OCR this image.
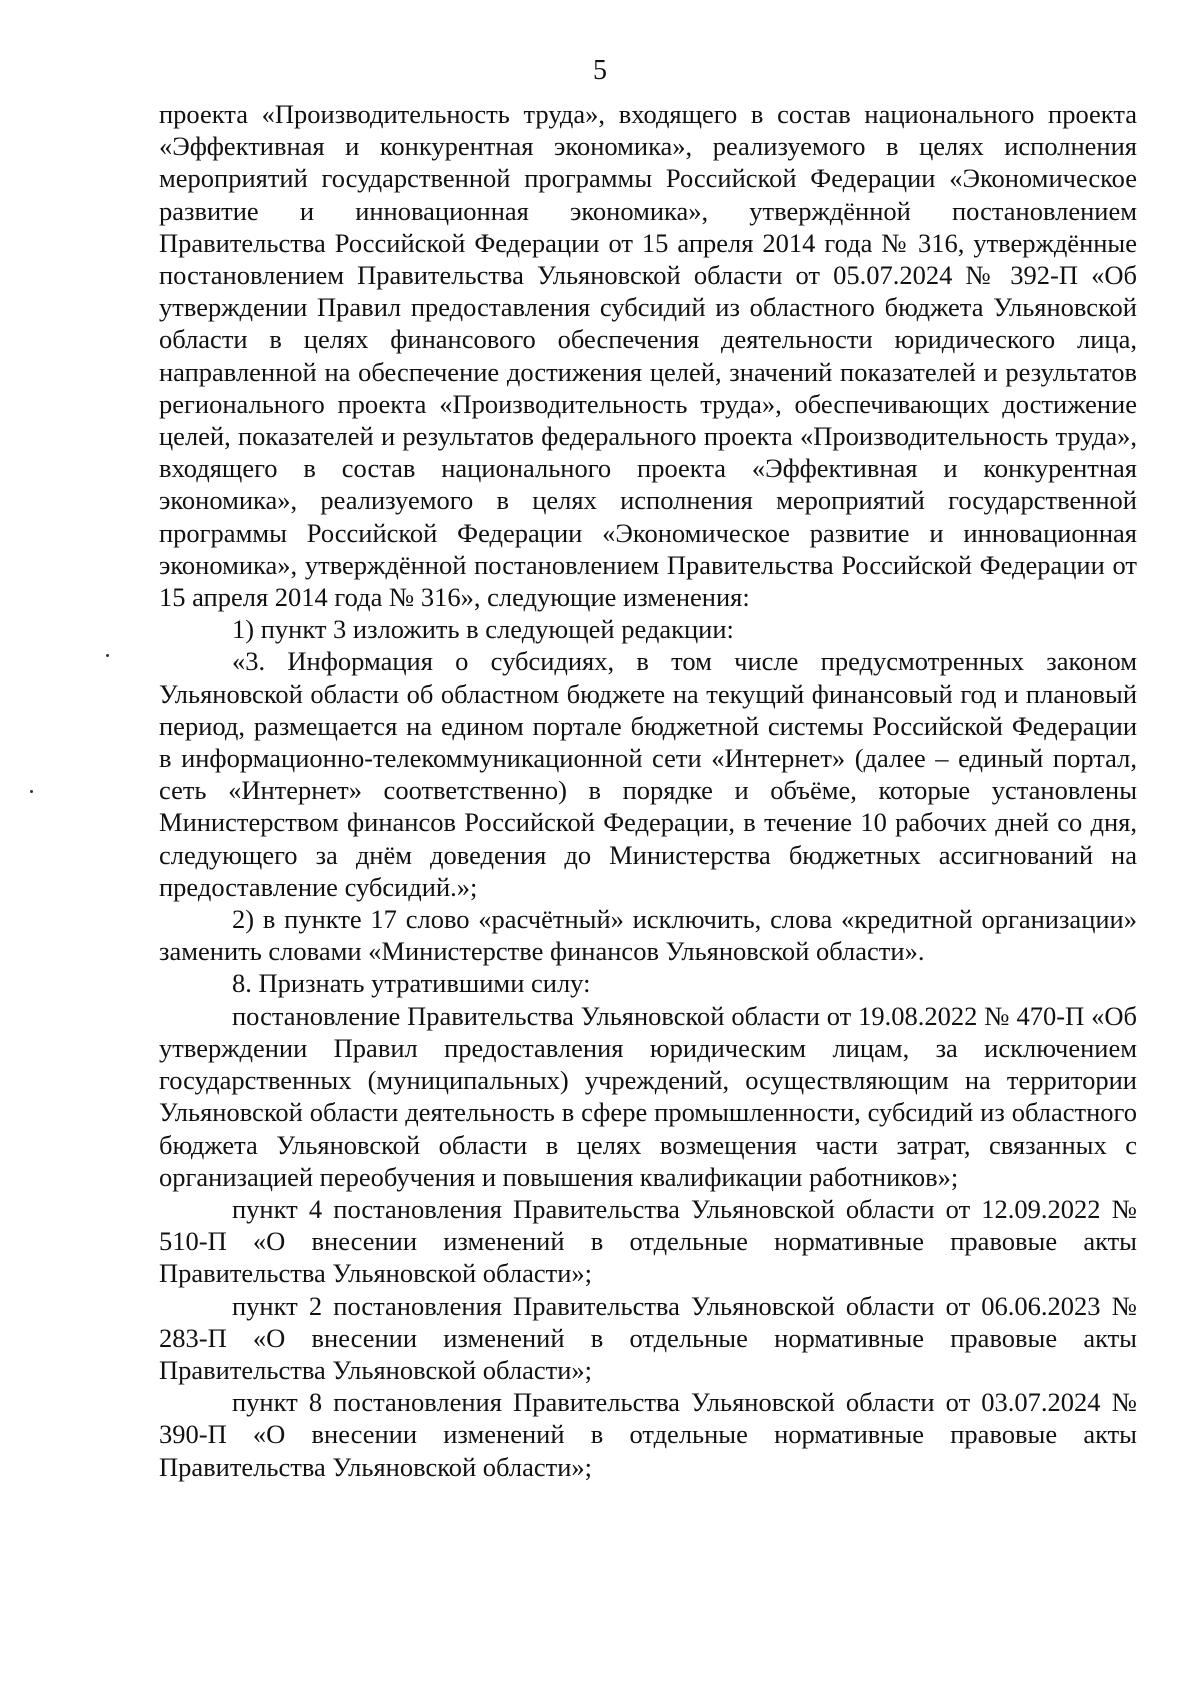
5

проекта «Производительность труда», входящего в состав национального проекта «Эффективная и конкурентная экономика», реализуемого в целях исполнения мероприятий государственной программы Российской Федерации «Экономическое развитие и инновационная экономика», утверждённой постановлением Правительства Российской Федерации от 15 апреля 2014 года № 316, утверждённые постановлением Правительства Ульяновской области от 05.07.2024 № 392-П «Об утверждении Правил предоставления субсидий из областного бюджета Ульяновской области в целях финансового обеспечения деятельности юридического лица, направленной на обеспечение достижения целей, значений показателей и результатов регионального проекта «Производительность труда», обеспечивающих достижение целей, показателей и результатов федерального проекта «Производительность труда», входящего в состав национального проекта «Эффективная и конкурентная экономика», реализуемого в целях исполнения мероприятий государственной программы Российской Федерации «Экономическое развитие и инновационная экономика», утверждённой постановлением Правительства Российской Федерации от 15 апреля 2014 года № 316», следующие изменения:

1) пункт 3 изложить в следующей редакции:

«3. Информация о субсидиях, в том числе предусмотренных законом Ульяновской области об областном бюджете на текущий финансовый год и плановый период, размещается на едином портале бюджетной системы Российской Федерации в информационно-телекоммуникационной сети «Интернет» (далее – единый портал, сеть «Интернет» соответственно) в порядке и объёме, которые установлены Министерством финансов Российской Федерации, в течение 10 рабочих дней со дня, следующего за днём доведения до Министерства бюджетных ассигнований на предоставление субсидий.»;

2) в пункте 17 слово «расчётный» исключить, слова «кредитной организации» заменить словами «Министерстве финансов Ульяновской области».

8. Признать утратившими силу:

постановление Правительства Ульяновской области от 19.08.2022 № 470-П «Об утверждении Правил предоставления юридическим лицам, за исключением государственных (муниципальных) учреждений, осуществляющим на территории Ульяновской области деятельность в сфере промышленности, субсидий из областного бюджета Ульяновской области в целях возмещения части затрат, связанных с организацией переобучения и повышения квалификации работников»;

пункт 4 постановления Правительства Ульяновской области от 12.09.2022 № 510-П «О внесении изменений в отдельные нормативные правовые акты Правительства Ульяновской области»;

пункт 2 постановления Правительства Ульяновской области от 06.06.2023 № 283-П «О внесении изменений в отдельные нормативные правовые акты Правительства Ульяновской области»;

пункт 8 постановления Правительства Ульяновской области от 03.07.2024 № 390-П «О внесении изменений в отдельные нормативные правовые акты Правительства Ульяновской области»;
